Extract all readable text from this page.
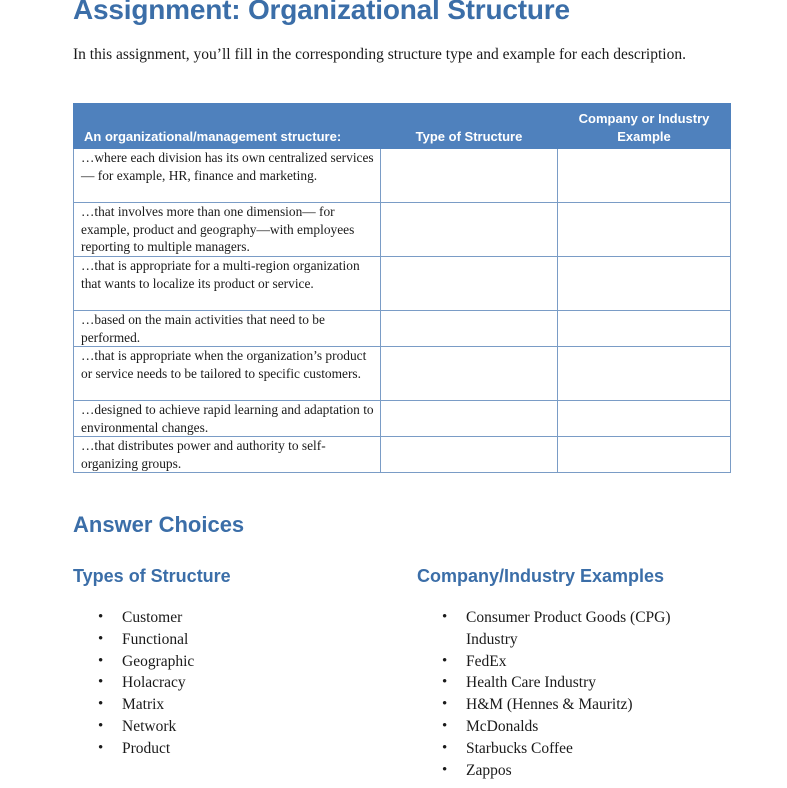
Assignment: Organizational Structure
In this assignment, you’ll fill in the corresponding structure type and example for each description.
An organizational/management structure:	Type of Structure	Company or Industry Example
…where each division has its own centralized services— for example, HR, finance and marketing.		
…that involves more than one dimension— for example, product and geography—with employees reporting to multiple managers.		
…that is appropriate for a multi-region organization that wants to localize its product or service.		
…based on the main activities that need to be performed.		
…that is appropriate when the organization’s product or service needs to be tailored to specific customers.		
…designed to achieve rapid learning and adaptation to environmental changes.		
…that distributes power and authority to self-organizing groups.		
Answer Choices
Types of Structure	Company/Industry Examples
• Customer
• Functional
• Geographic
• Holacracy
• Matrix
• Network
• Product
• Consumer Product Goods (CPG) Industry
• FedEx
• Health Care Industry
• H&M (Hennes & Mauritz)
• McDonalds
• Starbucks Coffee
• Zappos
